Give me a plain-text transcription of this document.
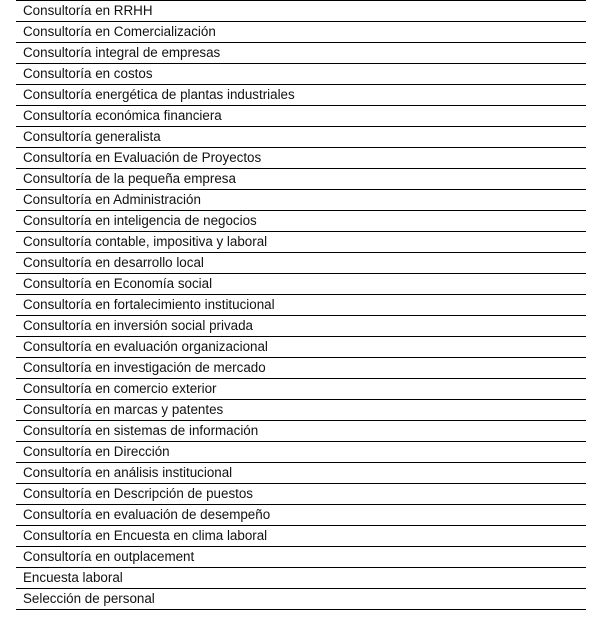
Consultoría en RRHH
Consultoría en Comercialización
Consultoría integral de empresas
Consultoría en costos
Consultoría energética de plantas industriales
Consultoría económica financiera
Consultoría generalista
Consultoría en Evaluación de Proyectos
Consultoría de la pequeña empresa
Consultoría en Administración
Consultoría en inteligencia de negocios
Consultoría contable, impositiva y laboral
Consultoría en desarrollo local
Consultoría en Economía social
Consultoría en fortalecimiento institucional
Consultoría en inversión social privada
Consultoría en evaluación organizacional
Consultoría en investigación de mercado
Consultoría en comercio exterior
Consultoría en marcas y patentes
Consultoría en sistemas de información
Consultoría en Dirección
Consultoría en análisis institucional
Consultoría en Descripción de puestos
Consultoría en evaluación de desempeño
Consultoría en Encuesta en clima laboral
Consultoría en outplacement
Encuesta laboral
Selección de personal
